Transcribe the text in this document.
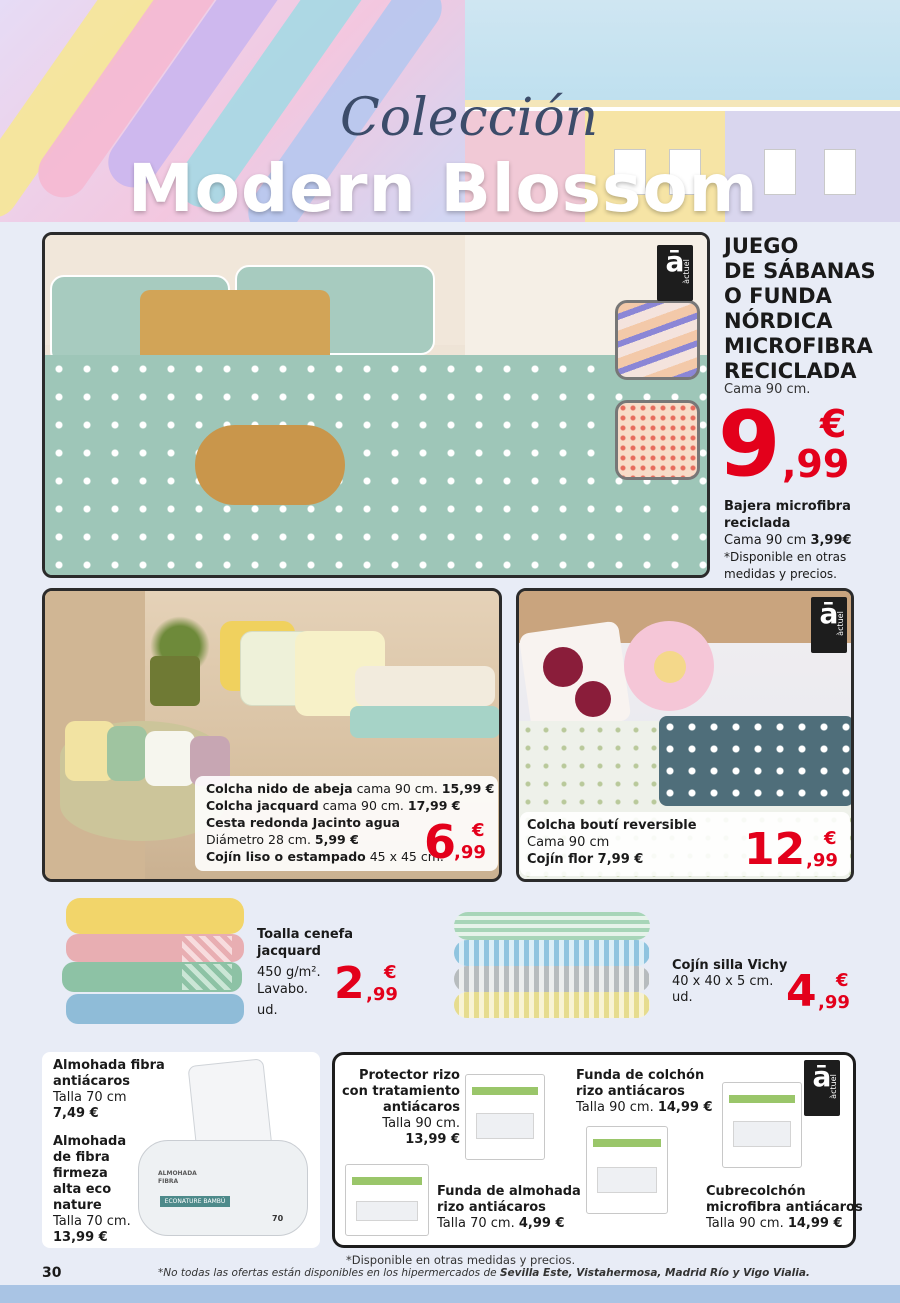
Colección
Modern Blossom
ā
àctuel
JUEGO
DE SÁBANAS
O FUNDA
NÓRDICA
MICROFIBRA
RECICLADA
Cama 90 cm.
9 €
,99
Bajera microfibra
reciclada
Cama 90 cm 3,99€
*Disponible en otras
medidas y precios.
Colcha nido de abeja cama 90 cm. 15,99 €
Colcha jacquard cama 90 cm. 17,99 €
Cesta redonda Jacinto agua
Diámetro 28 cm. 5,99 €
Cojín liso o estampado 45 x 45 cm.
6 €
,99
ā
àctuel
Colcha boutí reversible
Cama 90 cm
Cojín flor 7,99 €	12 €
,99
Toalla cenefa
jacquard
450 g/m².
Lavabo.
ud.
2 €
,99
Cojín silla Vichy
40 x 40 x 5 cm.
ud.	4 €
,99
Almohada fibra
antiácaros
Talla 70 cm
7,49 €
Almohada
de fibra
firmeza
alta eco
nature
Talla 70 cm.
13,99 €
ALMOHADA
FIBRA
ECONATURE BAMBÚ
70
ā
àctuel
Protector rizo
con tratamiento
antiácaros
Talla 90 cm.
13,99 €
Funda de colchón
rizo antiácaros
Talla 90 cm. 14,99 €
Funda de almohada
rizo antiácaros
Talla 70 cm. 4,99 €
Cubrecolchón
microfibra antiácaros
Talla 90 cm. 14,99 €
*Disponible en otras medidas y precios.
30	*No todas las ofertas están disponibles en los hipermercados de Sevilla Este, Vistahermosa, Madrid Río y Vigo Vialia.
